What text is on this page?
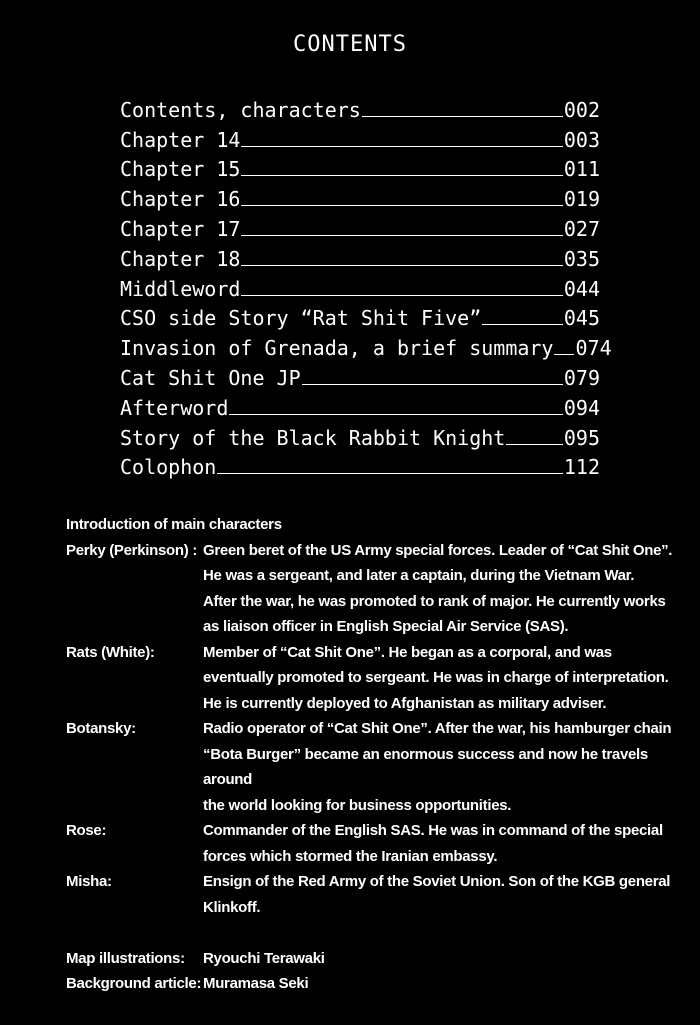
CONTENTS
Contents, characters	002
Chapter 14	003
Chapter 15	011
Chapter 16	019
Chapter 17	027
Chapter 18	035
Middleword	044
CSO side Story “Rat Shit Five”	045
Invasion of Grenada, a brief summary 074
Cat Shit One JP	079
Afterword	094
Story of the Black Rabbit Knight	095
Colophon	112
Introduction of main characters
Perky (Perkinson) : Green beret of the US Army special forces. Leader of “Cat Shit One”.
He was a sergeant, and later a captain, during the Vietnam War.
After the war, he was promoted to rank of major. He currently works
as liaison officer in English Special Air Service (SAS).
Rats (White):	Member of “Cat Shit One”. He began as a corporal, and was
eventually promoted to sergeant. He was in charge of interpretation.
He is currently deployed to Afghanistan as military adviser.
Botansky:	Radio operator of “Cat Shit One”. After the war, his hamburger chain
“Bota Burger” became an enormous success and now he travels around
the world looking for business opportunities.
Rose:	Commander of the English SAS. He was in command of the special
forces which stormed the Iranian embassy.
Misha:	Ensign of the Red Army of the Soviet Union. Son of the KGB general
Klinkoff.
Map illustrations:	Ryouchi Terawaki
Background article: Muramasa Seki
